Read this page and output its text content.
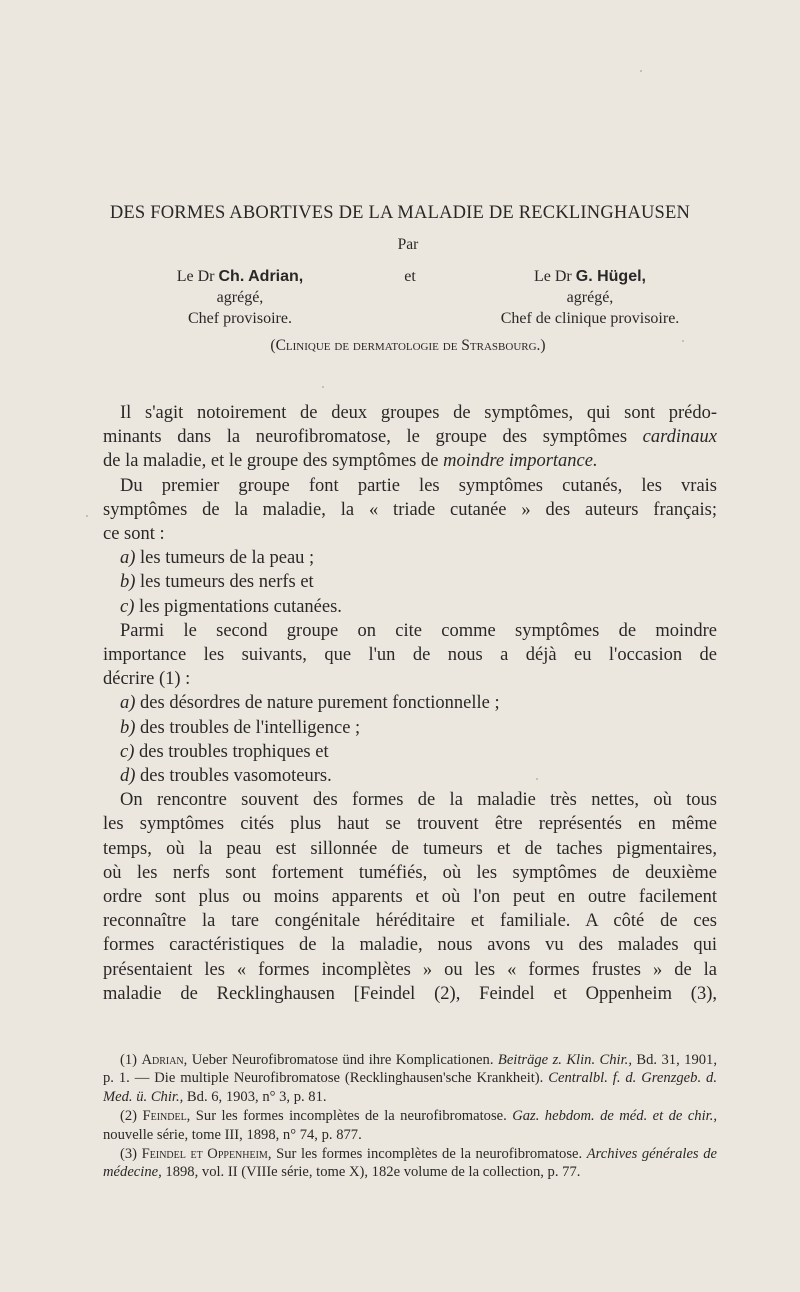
DES FORMES ABORTIVES DE LA MALADIE DE RECKLINGHAUSEN
Par
Le Dr Ch. Adrian,
agrégé,
Chef provisoire.
et	Le Dr G. Hügel,
agrégé,
Chef de clinique provisoire.
(Clinique de dermatologie de Strasbourg.)

Il s'agit notoirement de deux groupes de symptômes, qui sont prédo-

minants dans la neurofibromatose, le groupe des symptômes cardinaux

de la maladie, et le groupe des symptômes de moindre importance.

Du premier groupe font partie les symptômes cutanés, les vrais

symptômes de la maladie, la « triade cutanée » des auteurs français;

ce sont :

a) les tumeurs de la peau ;

b) les tumeurs des nerfs et

c) les pigmentations cutanées.

Parmi le second groupe on cite comme symptômes de moindre

importance les suivants, que l'un de nous a déjà eu l'occasion de

décrire (1) :

a) des désordres de nature purement fonctionnelle ;

b) des troubles de l'intelligence ;

c) des troubles trophiques et

d) des troubles vasomoteurs.

On rencontre souvent des formes de la maladie très nettes, où tous

les symptômes cités plus haut se trouvent être représentés en même

temps, où la peau est sillonnée de tumeurs et de taches pigmentaires,

où les nerfs sont fortement tuméfiés, où les symptômes de deuxième

ordre sont plus ou moins apparents et où l'on peut en outre facilement

reconnaître la tare congénitale héréditaire et familiale. A côté de ces

formes caractéristiques de la maladie, nous avons vu des malades qui

présentaient les « formes incomplètes » ou les « formes frustes » de la

maladie de Recklinghausen [Feindel (2), Feindel et Oppenheim (3),

(1) Adrian, Ueber Neurofibromatose ünd ihre Komplicationen. Beiträge z. Klin. Chir., Bd. 31, 1901, p. 1. — Die multiple Neurofibromatose (Recklinghausen'sche Krankheit). Centralbl. f. d. Grenzgeb. d. Med. ü. Chir., Bd. 6, 1903, n° 3, p. 81.

(2) Feindel, Sur les formes incomplètes de la neurofibromatose. Gaz. hebdom. de méd. et de chir., nouvelle série, tome III, 1898, n° 74, p. 877.

(3) Feindel et Oppenheim, Sur les formes incomplètes de la neurofibromatose. Archives générales de médecine, 1898, vol. II (VIIIe série, tome X), 182e volume de la collection, p. 77.
